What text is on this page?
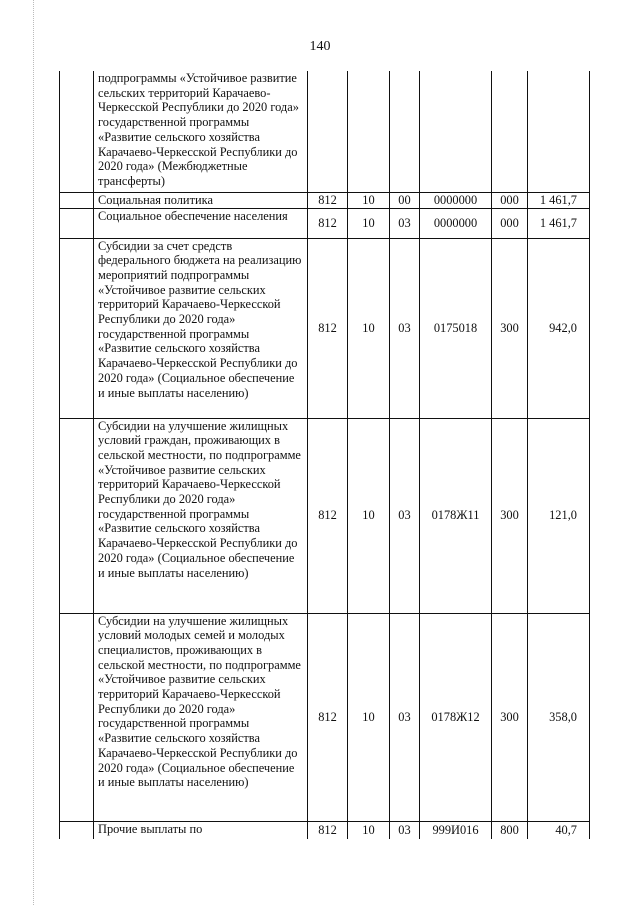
140
	подпрограммы «Устойчивое развитие сельских территорий Карачаево-Черкесской Республики до 2020 года» государственной программы «Развитие сельского хозяйства Карачаево-Черкесской Республики до 2020 года» (Межбюджетные трансферты)						
	Социальная политика	812	10	00	0000000	000	1 461,7
	Социальное обеспечение населения	812	10	03	0000000	000	1 461,7
	Субсидии за счет средств федерального бюджета на реализацию мероприятий подпрограммы «Устойчивое развитие сельских территорий Карачаево-Черкесской Республики до 2020 года» государственной программы «Развитие сельского хозяйства Карачаево-Черкесской Республики до 2020 года» (Социальное обеспечение и иные выплаты населению)	812	10	03	0175018	300	942,0
	Субсидии на улучшение жилищных условий граждан, проживающих в сельской местности, по подпрограмме «Устойчивое развитие сельских территорий Карачаево-Черкесской Республики до 2020 года» государственной программы «Развитие сельского хозяйства Карачаево-Черкесской Республики до 2020 года» (Социальное обеспечение и иные выплаты населению)	812	10	03	0178Ж11	300	121,0
	Субсидии на улучшение жилищных условий молодых семей и молодых специалистов, проживающих в сельской местности, по подпрограмме «Устойчивое развитие сельских территорий Карачаево-Черкесской Республики до 2020 года» государственной программы «Развитие сельского хозяйства Карачаево-Черкесской Республики до 2020 года» (Социальное обеспечение и иные выплаты населению)	812	10	03	0178Ж12	300	358,0
	Прочие выплаты по	812	10	03	999И016	800	40,7
